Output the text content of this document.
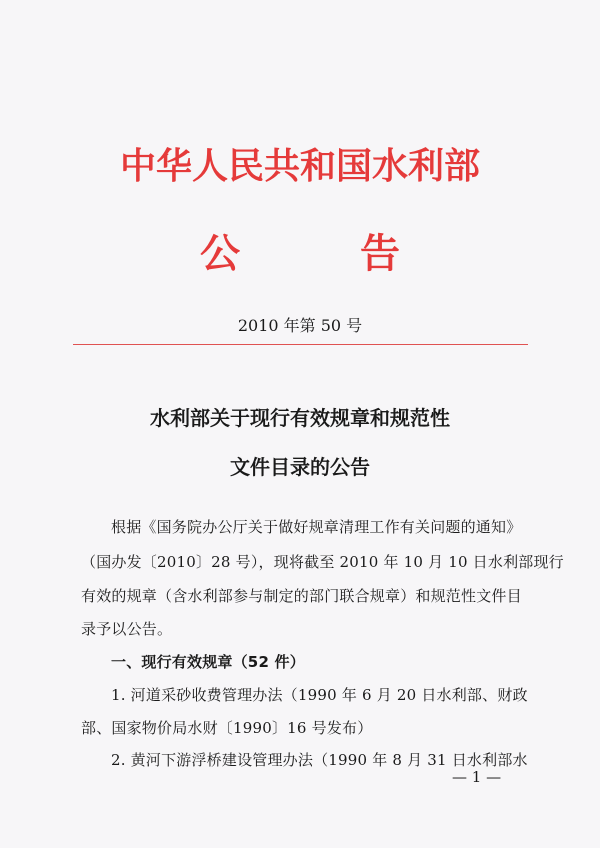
中华人民共和国水利部
公告
2010 年第 50 号
水利部关于现行有效规章和规范性
文件目录的公告
根据《国务院办公厅关于做好规章清理工作有关问题的通知》
（国办发〔2010〕28 号），现将截至 2010 年 10 月 10 日水利部现行
有效的规章（含水利部参与制定的部门联合规章）和规范性文件目
录予以公告。
一、现行有效规章（52 件）
1. 河道采砂收费管理办法（1990 年 6 月 20 日水利部、财政
部、国家物价局水财〔1990〕16 号发布）
2. 黄河下游浮桥建设管理办法（1990 年 8 月 31 日水利部水
— 1 —
